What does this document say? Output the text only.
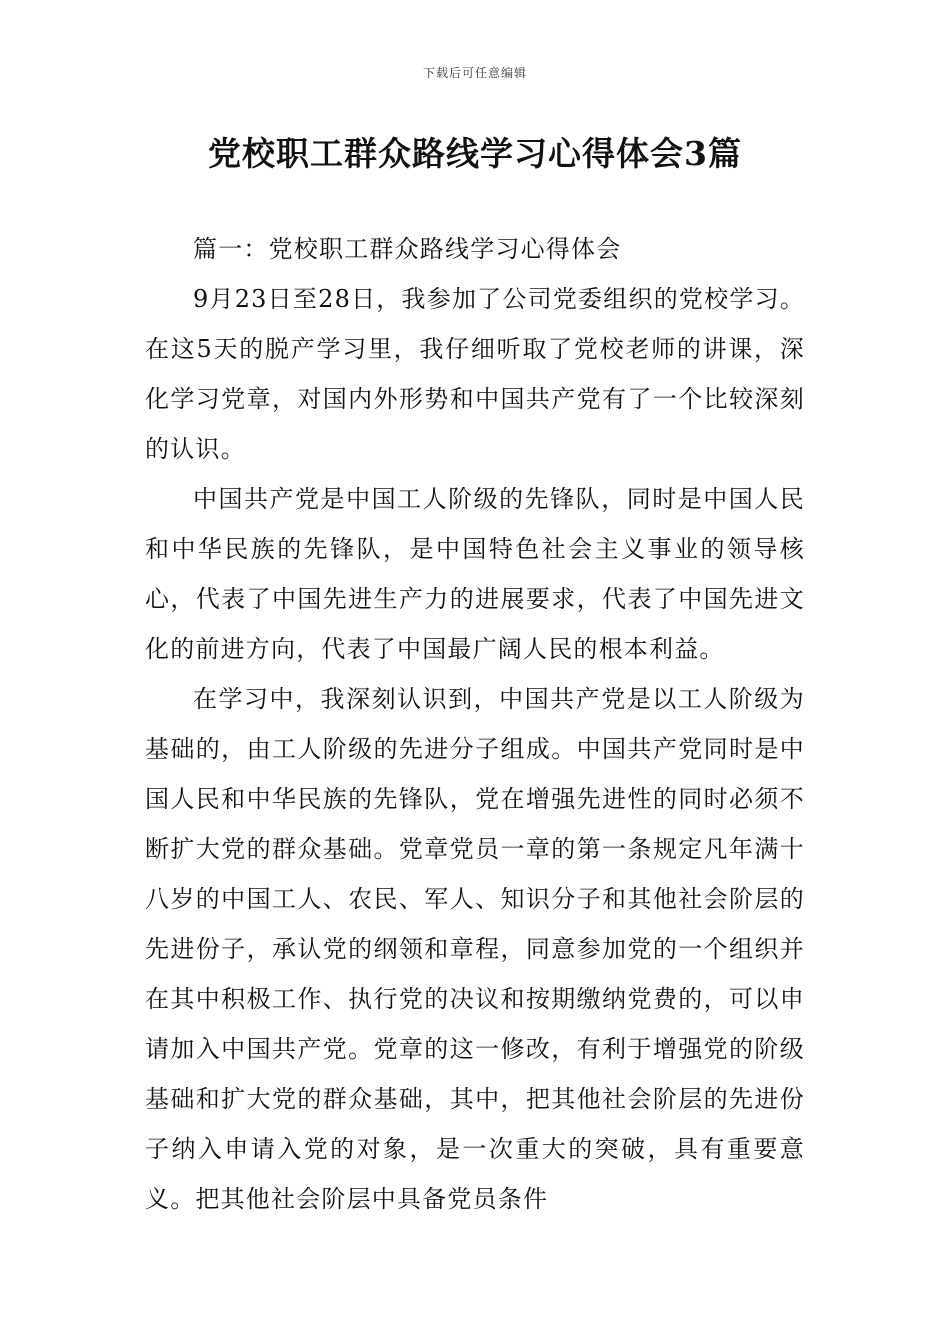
下载后可任意编辑
党校职工群众路线学习心得体会3篇

篇一：党校职工群众路线学习心得体会

9月23日至28日，我参加了公司党委组织的党校学习。在这5天的脱产学习里，我仔细听取了党校老师的讲课，深化学习党章，对国内外形势和中国共产党有了一个比较深刻的认识。

中国共产党是中国工人阶级的先锋队，同时是中国人民和中华民族的先锋队，是中国特色社会主义事业的领导核心，代表了中国先进生产力的进展要求，代表了中国先进文化的前进方向，代表了中国最广阔人民的根本利益。

在学习中，我深刻认识到，中国共产党是以工人阶级为基础的，由工人阶级的先进分子组成。中国共产党同时是中国人民和中华民族的先锋队，党在增强先进性的同时必须不断扩大党的群众基础。党章党员一章的第一条规定凡年满十八岁的中国工人、农民、军人、知识分子和其他社会阶层的先进份子，承认党的纲领和章程，同意参加党的一个组织并在其中积极工作、执行党的决议和按期缴纳党费的，可以申请加入中国共产党。党章的这一修改，有利于增强党的阶级基础和扩大党的群众基础，其中，把其他社会阶层的先进份子纳入申请入党的对象，是一次重大的突破，具有重要意义。把其他社会阶层中具备党员条件
